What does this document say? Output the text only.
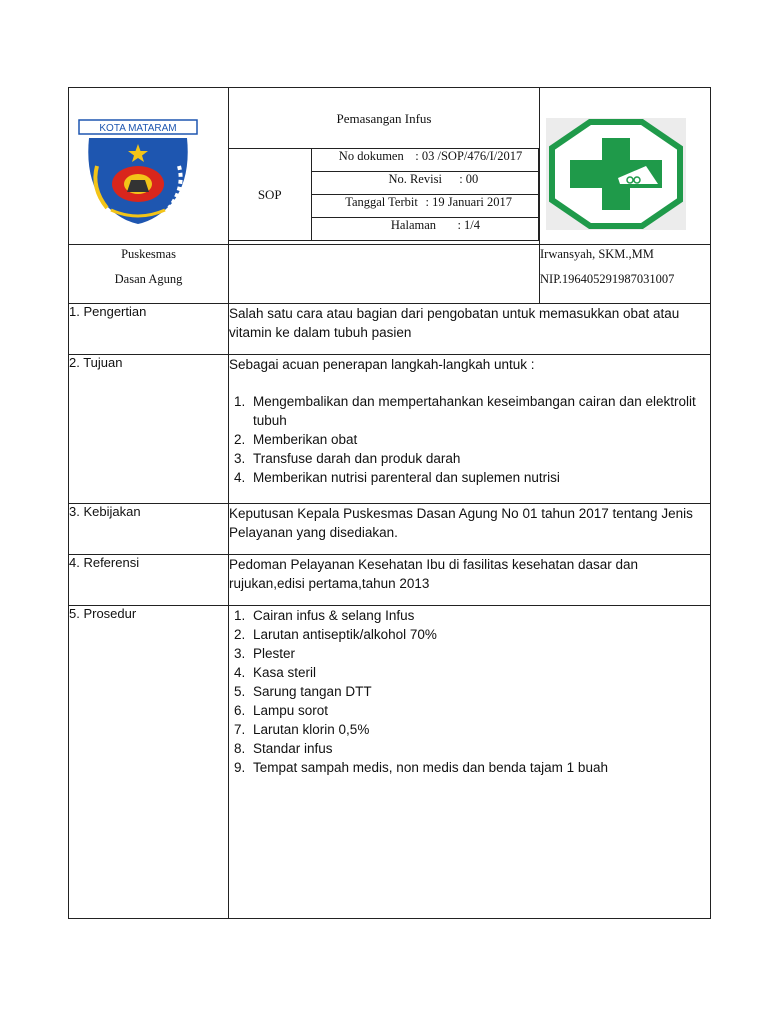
KOTA MATARAM

Pemasangan Infus
SOP	No dokumen : 03 /SOP/476/I/2017
No. Revisi : 00
Tanggal Terbit : 19 Januari 2017
Halaman : 1/4

Puskesmas
Dasan Agung

Irwansyah, SKM.,MM
NIP.196405291987031007

1. Pengertian	Salah satu cara atau bagian dari pengobatan untuk memasukkan obat atau vitamin ke dalam tubuh pasien

2. Tujuan	Sebagai acuan penerapan langkah-langkah untuk :

1. Mengembalikan dan mempertahankan keseimbangan cairan dan elektrolit tubuh
2. Memberikan obat
3. Transfuse darah dan produk darah
4. Memberikan nutrisi parenteral dan suplemen nutrisi

3. Kebijakan	Keputusan Kepala Puskesmas Dasan Agung No 01 tahun 2017 tentang Jenis Pelayanan yang disediakan.

4. Referensi	Pedoman Pelayanan Kesehatan Ibu di fasilitas kesehatan dasar dan rujukan,edisi pertama,tahun 2013

5. Prosedur	
1. Cairan infus & selang Infus
2. Larutan antiseptik/alkohol 70%
3. Plester
4. Kasa steril
5. Sarung tangan DTT
6. Lampu sorot
7. Larutan klorin 0,5%
8. Standar infus
9. Tempat sampah medis, non medis dan benda tajam 1 buah
